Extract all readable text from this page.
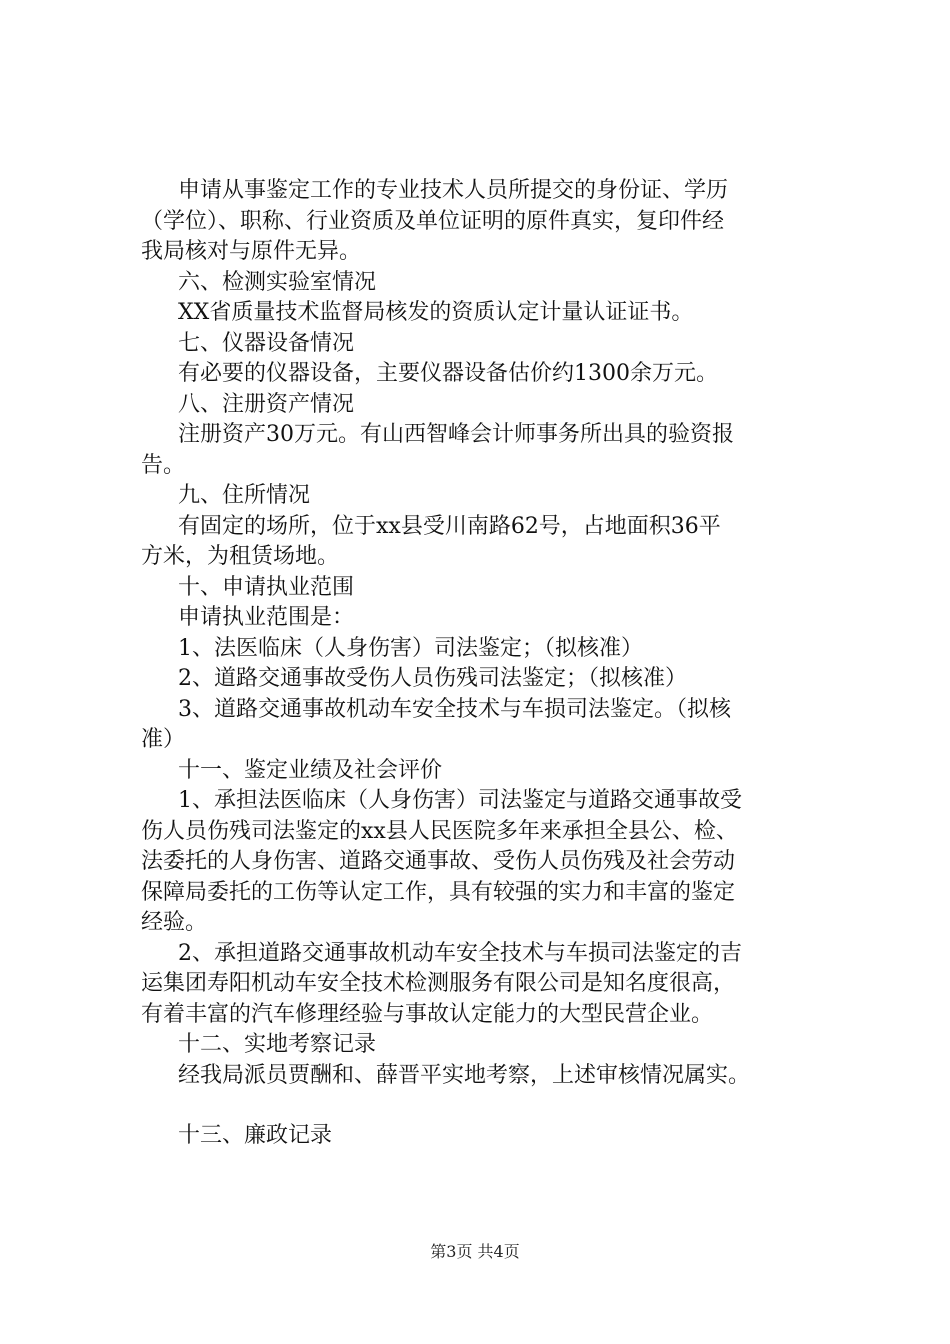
申请从事鉴定工作的专业技术人员所提交的身份证、学历
（学位）、职称、行业资质及单位证明的原件真实，复印件经
我局核对与原件无异。
六、检测实验室情况
XX省质量技术监督局核发的资质认定计量认证证书。
七、仪器设备情况
有必要的仪器设备，主要仪器设备估价约1300余万元。
八、注册资产情况
注册资产30万元。有山西智峰会计师事务所出具的验资报
告。
九、住所情况
有固定的场所，位于xx县受川南路62号，占地面积36平
方米，为租赁场地。
十、申请执业范围
申请执业范围是：
1、法医临床（人身伤害）司法鉴定；（拟核准）
2、道路交通事故受伤人员伤残司法鉴定；（拟核准）
3、道路交通事故机动车安全技术与车损司法鉴定。（拟核
准）
十一、鉴定业绩及社会评价
1、承担法医临床（人身伤害）司法鉴定与道路交通事故受
伤人员伤残司法鉴定的xx县人民医院多年来承担全县公、检、
法委托的人身伤害、道路交通事故、受伤人员伤残及社会劳动
保障局委托的工伤等认定工作，具有较强的实力和丰富的鉴定
经验。
2、承担道路交通事故机动车安全技术与车损司法鉴定的吉
运集团寿阳机动车安全技术检测服务有限公司是知名度很高，
有着丰富的汽车修理经验与事故认定能力的大型民营企业。
十二、实地考察记录
经我局派员贾酬和、薛晋平实地考察，上述审核情况属实。
十三、廉政记录
第3页 共4页
